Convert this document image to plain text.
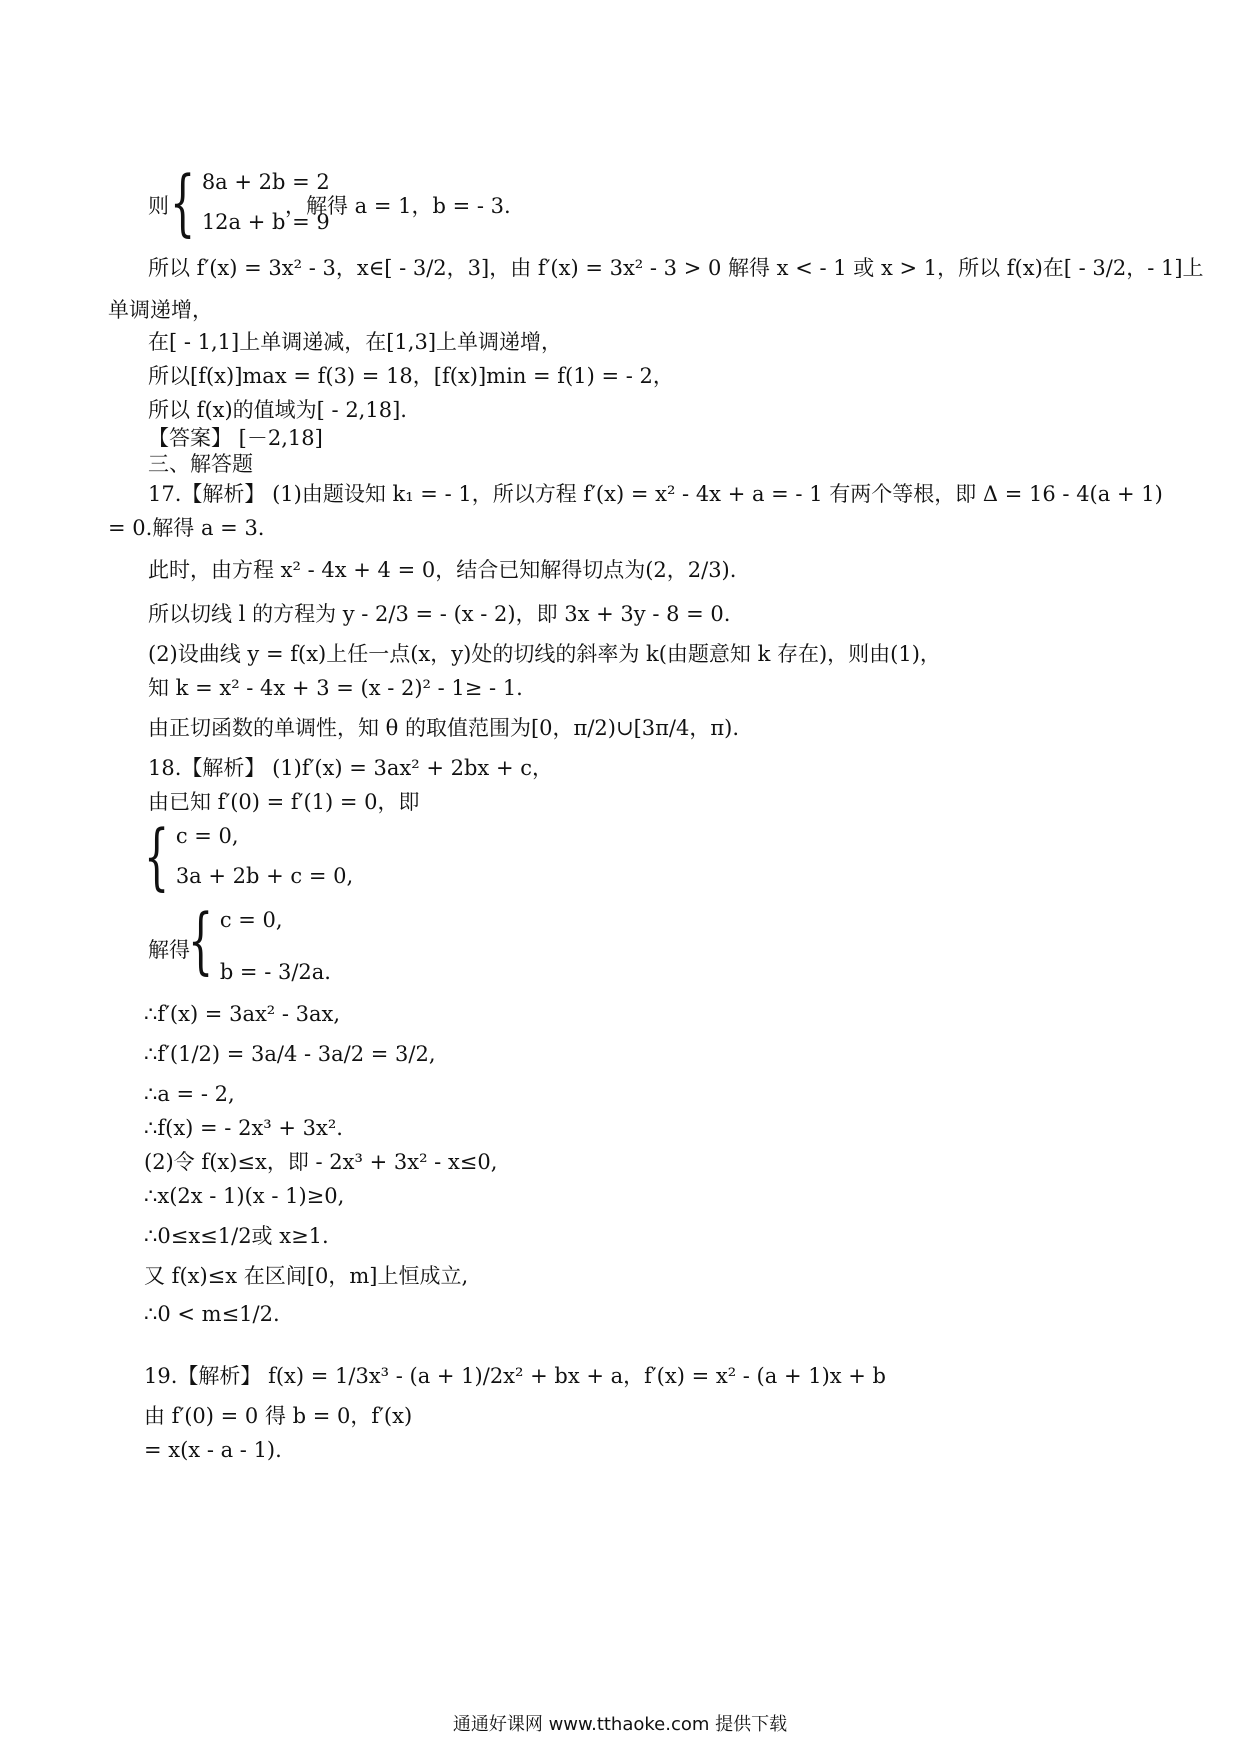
则 { 8a + 2b = 2
12a + b = 9
，解得 a = 1，b = - 3.
所以 f′(x) = 3x² - 3，x∈[ - 3/2，3]，由 f′(x) = 3x² - 3 > 0 解得 x < - 1 或 x > 1，所以 f(x)在[ - 3/2，- 1]上
单调递增，
在[ - 1,1]上单调递减，在[1,3]上单调递增，
所以[f(x)]max = f(3) = 18，[f(x)]min = f(1) = - 2，
所以 f(x)的值域为[ - 2,18].
【答案】 [－2,18]
三、解答题
17.【解析】 (1)由题设知 k₁ = - 1，所以方程 f′(x) = x² - 4x + a = - 1 有两个等根，即 Δ = 16 - 4(a + 1)
= 0.解得 a = 3.
此时，由方程 x² - 4x + 4 = 0，结合已知解得切点为(2，2/3).
所以切线 l 的方程为 y - 2/3 = - (x - 2)，即 3x + 3y - 8 = 0.
(2)设曲线 y = f(x)上任一点(x，y)处的切线的斜率为 k(由题意知 k 存在)，则由(1)，
知 k = x² - 4x + 3 = (x - 2)² - 1≥ - 1.
由正切函数的单调性，知 θ 的取值范围为[0，π/2)∪[3π/4，π).
18.【解析】 (1)f′(x) = 3ax² + 2bx + c，
由已知 f′(0) = f′(1) = 0，即
{ c = 0,
3a + 2b + c = 0,
解得
{ c = 0,
b = - 3/2a.
∴f′(x) = 3ax² - 3ax,
∴f′(1/2) = 3a/4 - 3a/2 = 3/2,
∴a = - 2,
∴f(x) = - 2x³ + 3x².
(2)令 f(x)≤x，即 - 2x³ + 3x² - x≤0,
∴x(2x - 1)(x - 1)≥0,
∴0≤x≤1/2或 x≥1.
又 f(x)≤x 在区间[0，m]上恒成立,
∴0 < m≤1/2.
19.【解析】 f(x) = 1/3x³ - (a + 1)/2x² + bx + a，f′(x) = x² - (a + 1)x + b
由 f′(0) = 0 得 b = 0，f′(x)
= x(x - a - 1).
通通好课网 www.tthaoke.com 提供下载
